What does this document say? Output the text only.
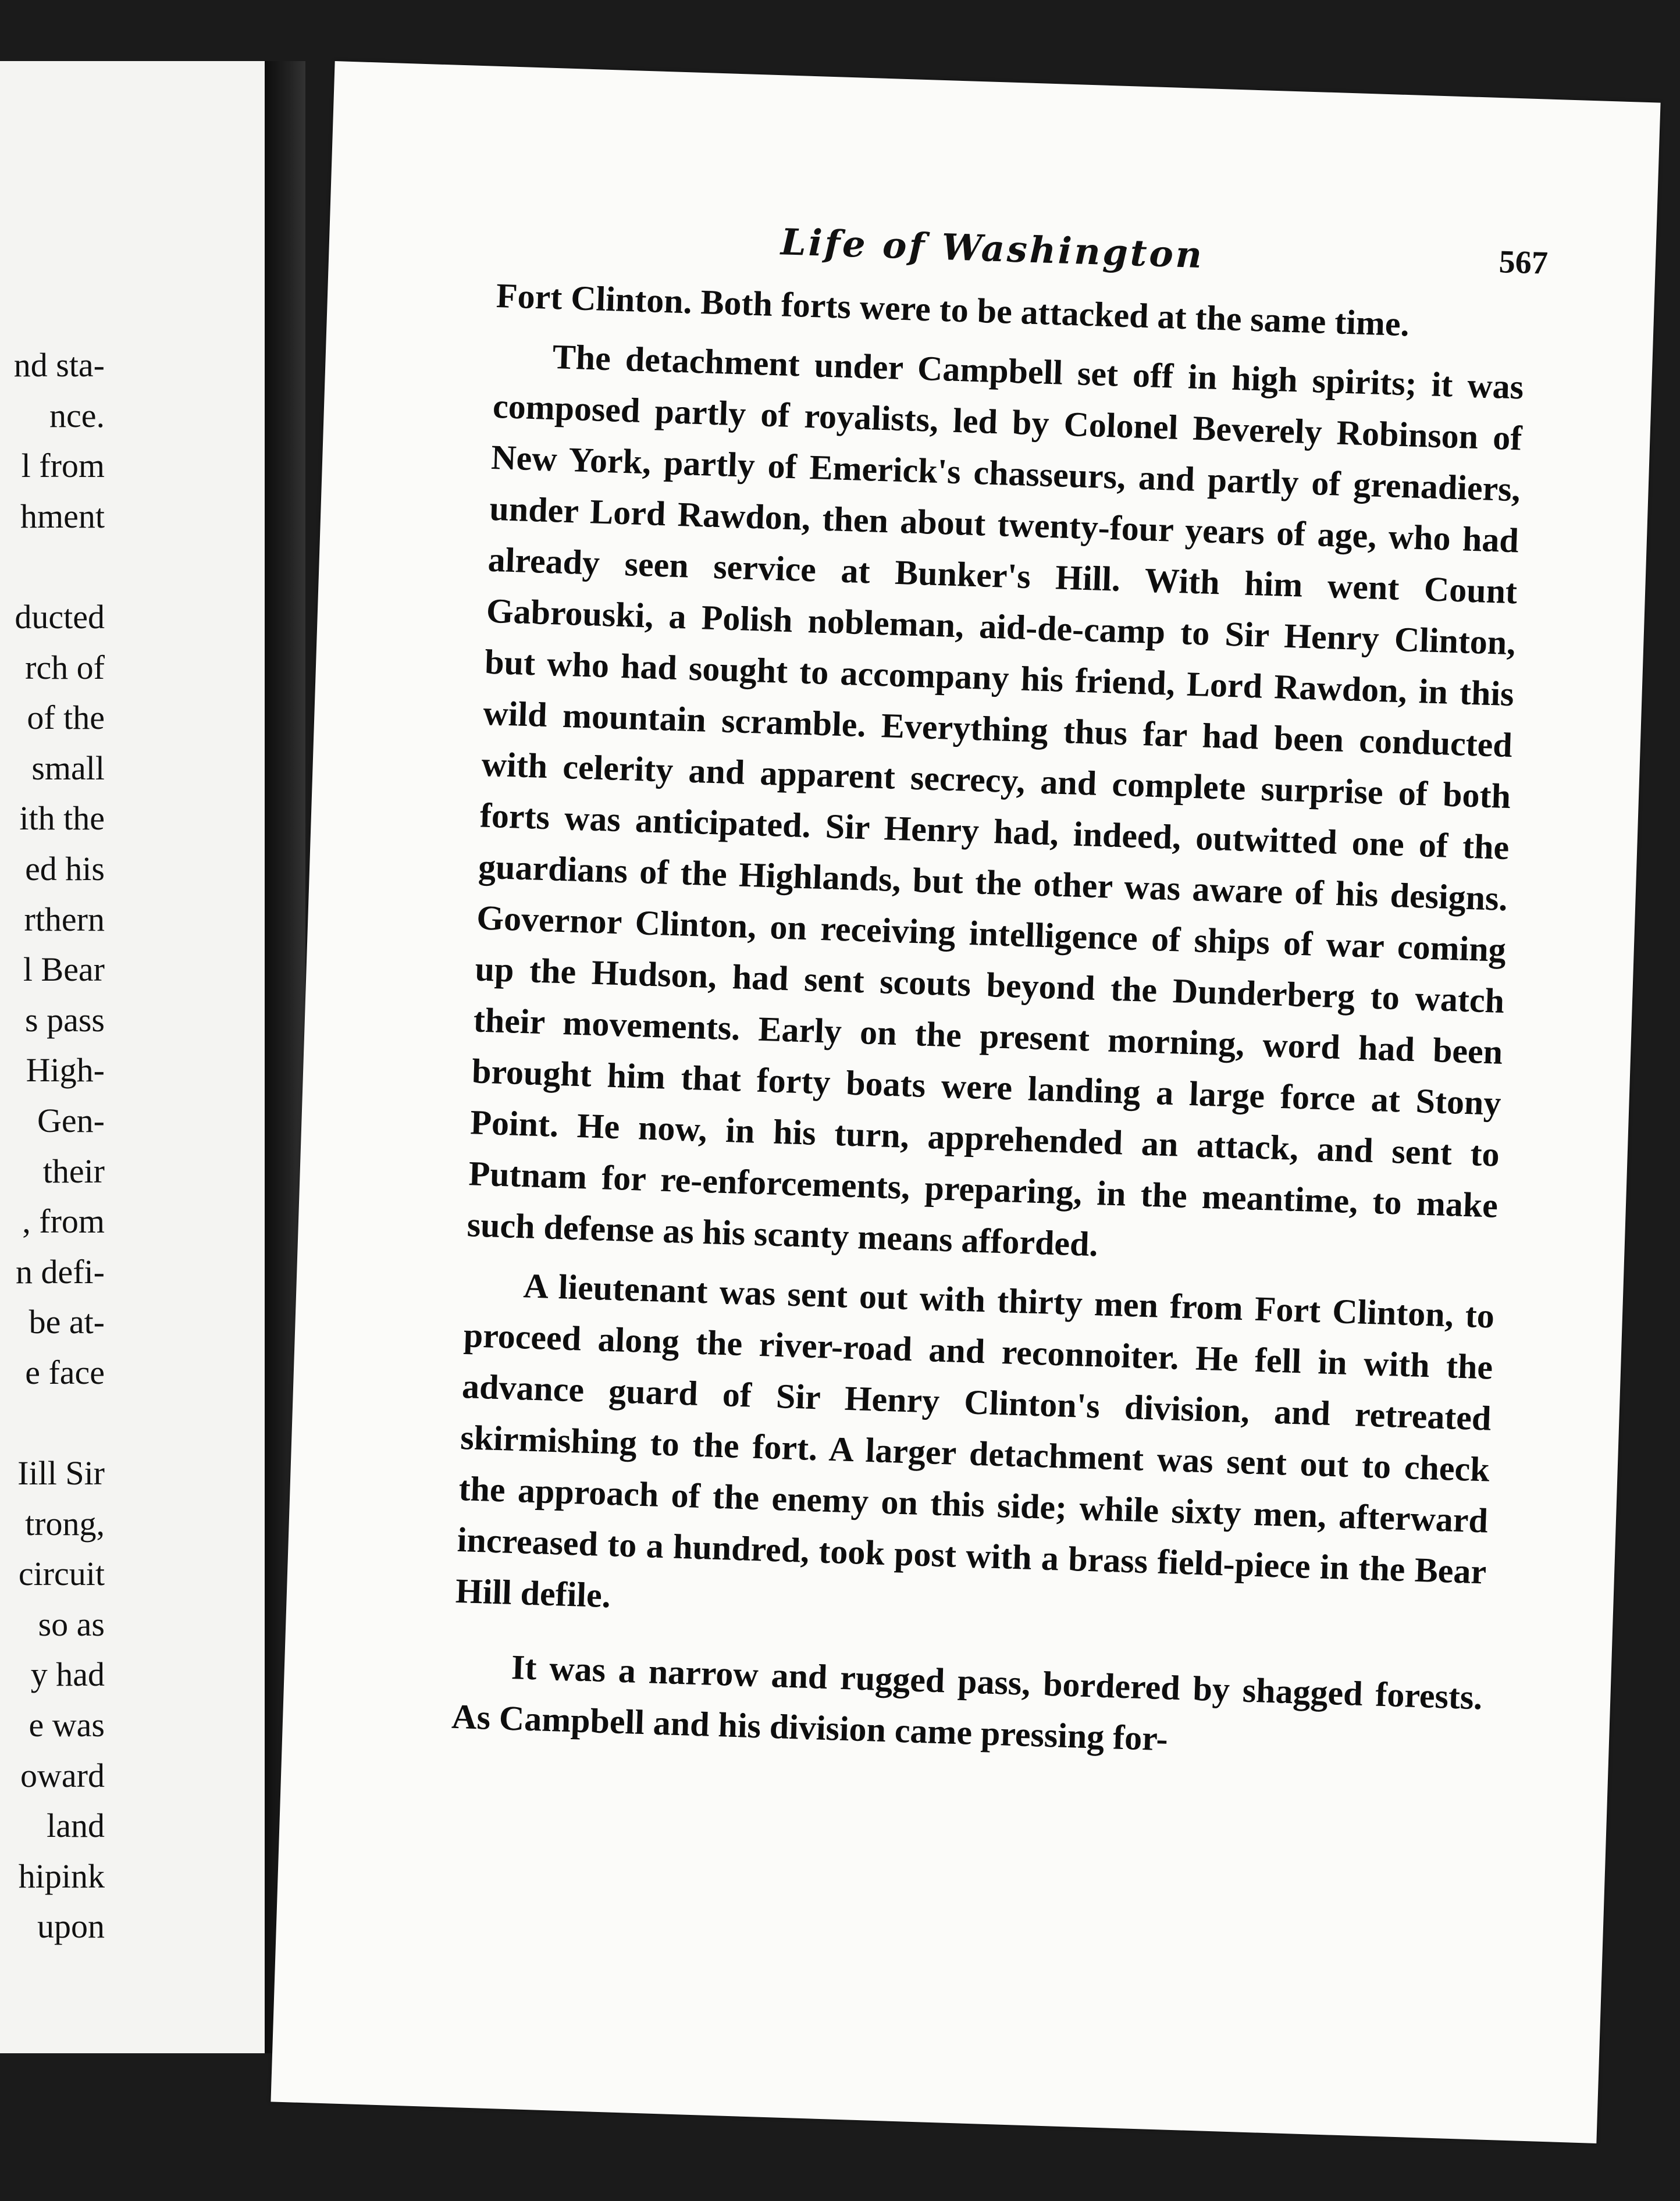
nd sta-
nce.
l from
hment

ducted
rch of
of the
small
ith the
ed his
rthern
l Bear
s pass
High-
Gen-
their
, from
n defi-
be at-
e face

Iill Sir
trong,
circuit
so as
y had
e was
oward
land
hipink
upon
Life of Washington	567

Fort Clinton. Both forts were to be attacked at the same time.

The detachment under Campbell set off in high spirits; it was composed partly of royalists, led by Colonel Beverely Robinson of New York, partly of Emerick's chasseurs, and partly of grenadiers, under Lord Rawdon, then about twenty-four years of age, who had already seen service at Bunker's Hill. With him went Count Gabrouski, a Polish nobleman, aid-de-camp to Sir Henry Clinton, but who had sought to accompany his friend, Lord Rawdon, in this wild mountain scramble. Everything thus far had been conducted with celerity and apparent secrecy, and complete surprise of both forts was anticipated. Sir Henry had, indeed, outwitted one of the guardians of the Highlands, but the other was aware of his designs. Governor Clinton, on receiving intelligence of ships of war coming up the Hudson, had sent scouts beyond the Dunderberg to watch their movements. Early on the present morning, word had been brought him that forty boats were landing a large force at Stony Point. He now, in his turn, apprehended an attack, and sent to Putnam for re-enforcements, preparing, in the meantime, to make such defense as his scanty means afforded.

A lieutenant was sent out with thirty men from Fort Clinton, to proceed along the river-road and reconnoiter. He fell in with the advance guard of Sir Henry Clinton's division, and retreated skirmishing to the fort. A larger detachment was sent out to check the approach of the enemy on this side; while sixty men, afterward increased to a hundred, took post with a brass field-piece in the Bear Hill defile.

It was a narrow and rugged pass, bordered by shagged forests. As Campbell and his division came pressing for-
